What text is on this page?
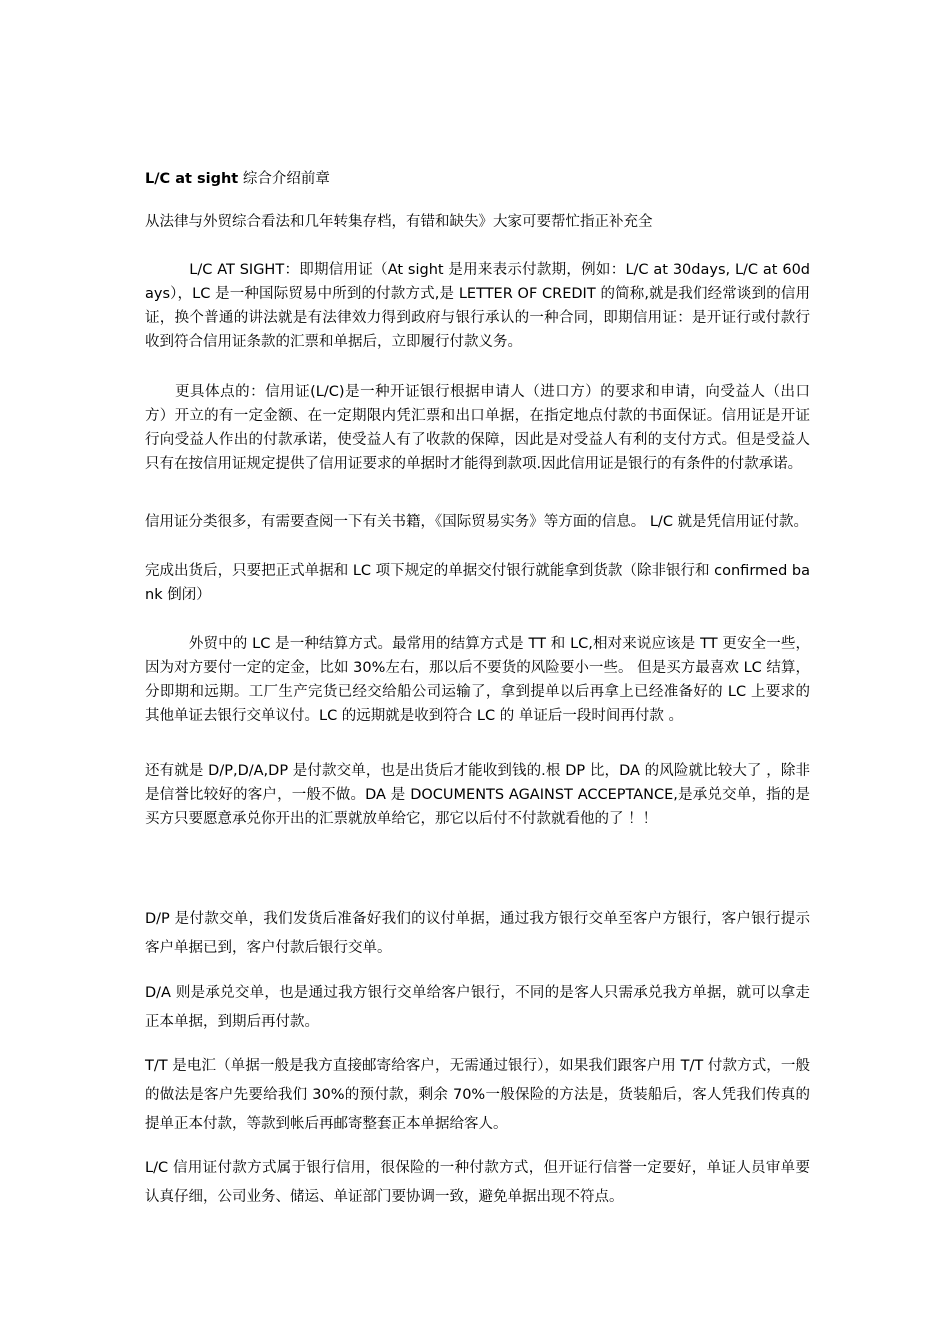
L/C at sight 综合介绍前章

从法律与外贸综合看法和几年转集存档，有错和缺失》大家可要帮忙指正补充全

　　　L/C AT SIGHT：即期信用证（At sight 是用来表示付款期，例如：L/C at 30days, L/C at 60days），LC 是一种国际贸易中所到的付款方式,是 LETTER OF CREDIT 的简称,就是我们经常谈到的信用证，换个普通的讲法就是有法律效力得到政府与银行承认的一种合同，即期信用证：是开证行或付款行收到符合信用证条款的汇票和单据后，立即履行付款义务。

　　更具体点的：信用证(L/C)是一种开证银行根据申请人（进口方）的要求和申请，向受益人（出口方）开立的有一定金额、在一定期限内凭汇票和出口单据，在指定地点付款的书面保证。信用证是开证行向受益人作出的付款承诺，使受益人有了收款的保障，因此是对受益人有利的支付方式。但是受益人只有在按信用证规定提供了信用证要求的单据时才能得到款项.因此信用证是银行的有条件的付款承诺。

信用证分类很多，有需要查阅一下有关书籍，《国际贸易实务》等方面的信息。 L/C 就是凭信用证付款。

完成出货后，只要把正式单据和 LC 项下规定的单据交付银行就能拿到货款（除非银行和 confirmed bank 倒闭）

　　　外贸中的 LC 是一种结算方式。最常用的结算方式是 TT 和 LC,相对来说应该是 TT 更安全一些，因为对方要付一定的定金，比如 30%左右，那以后不要货的风险要小一些。 但是买方最喜欢 LC 结算，分即期和远期。工厂生产完货已经交给船公司运输了，拿到提单以后再拿上已经准备好的 LC 上要求的其他单证去银行交单议付。LC 的远期就是收到符合 LC 的 单证后一段时间再付款 。

还有就是 D/P,D/A,DP 是付款交单，也是出货后才能收到钱的.根 DP 比，DA 的风险就比较大了 ，除非是信誉比较好的客户，一般不做。DA 是 DOCUMENTS AGAINST ACCEPTANCE,是承兑交单，指的是买方只要愿意承兑你开出的汇票就放单给它，那它以后付不付款就看他的了 ！！

D/P 是付款交单，我们发货后准备好我们的议付单据，通过我方银行交单至客户方银行，客户银行提示客户单据已到，客户付款后银行交单。

D/A 则是承兑交单，也是通过我方银行交单给客户银行，不同的是客人只需承兑我方单据，就可以拿走正本单据，到期后再付款。

T/T 是电汇（单据一般是我方直接邮寄给客户，无需通过银行），如果我们跟客户用 T/T 付款方式，一般的做法是客户先要给我们 30%的预付款，剩余 70%一般保险的方法是，货装船后，客人凭我们传真的提单正本付款，等款到帐后再邮寄整套正本单据给客人。

L/C 信用证付款方式属于银行信用，很保险的一种付款方式，但开证行信誉一定要好，单证人员审单要认真仔细，公司业务、储运、单证部门要协调一致，避免单据出现不符点。
